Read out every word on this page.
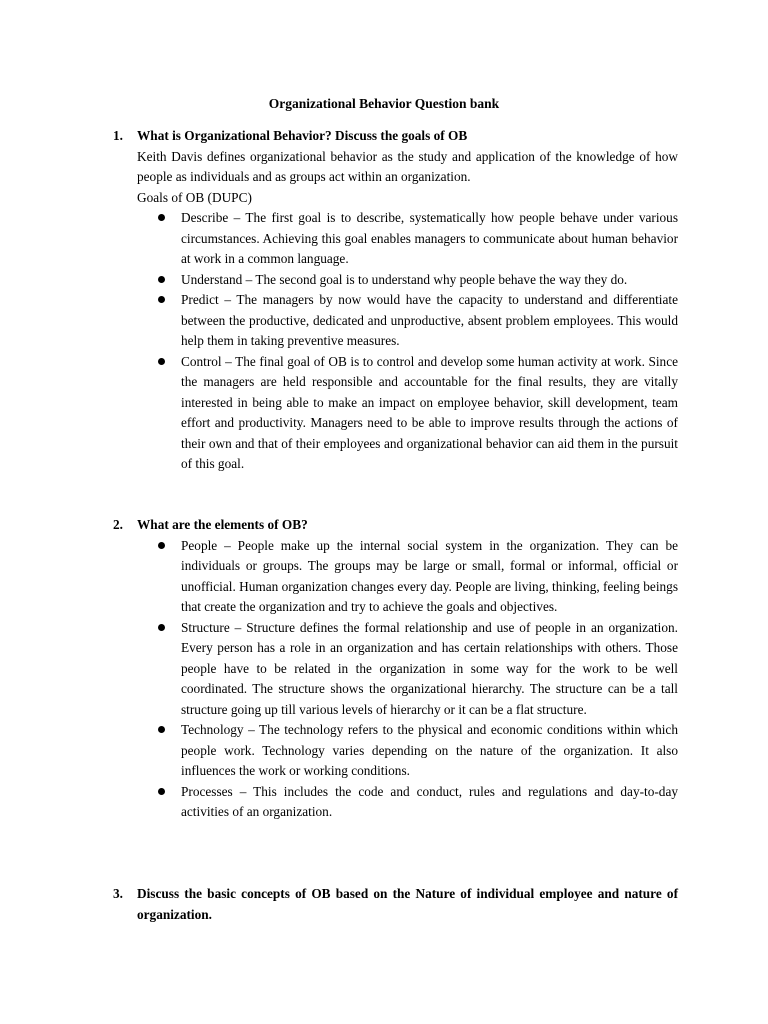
Organizational Behavior Question bank
1.	What is Organizational Behavior? Discuss the goals of OB

Keith Davis defines organizational behavior as the study and application of the knowledge of how people as individuals and as groups act within an organization.

Goals of OB (DUPC)

Describe – The first goal is to describe, systematically how people behave under various circumstances. Achieving this goal enables managers to communicate about human behavior at work in a common language.
Understand – The second goal is to understand why people behave the way they do.
Predict – The managers by now would have the capacity to understand and differentiate between the productive, dedicated and unproductive, absent problem employees. This would help them in taking preventive measures.
Control – The final goal of OB is to control and develop some human activity at work. Since the managers are held responsible and accountable for the final results, they are vitally interested in being able to make an impact on employee behavior, skill development, team effort and productivity. Managers need to be able to improve results through the actions of their own and that of their employees and organizational behavior can aid them in the pursuit of this goal.
2.	What are the elements of OB?
People – People make up the internal social system in the organization. They can be individuals or groups. The groups may be large or small, formal or informal, official or unofficial. Human organization changes every day. People are living, thinking, feeling beings that create the organization and try to achieve the goals and objectives.
Structure – Structure defines the formal relationship and use of people in an organization. Every person has a role in an organization and has certain relationships with others. Those people have to be related in the organization in some way for the work to be well coordinated. The structure shows the organizational hierarchy. The structure can be a tall structure going up till various levels of hierarchy or it can be a flat structure.
Technology – The technology refers to the physical and economic conditions within which people work. Technology varies depending on the nature of the organization. It also influences the work or working conditions.
Processes – This includes the code and conduct, rules and regulations and day-to-day activities of an organization.
3.	Discuss the basic concepts of OB based on the Nature of individual employee and nature of organization.
